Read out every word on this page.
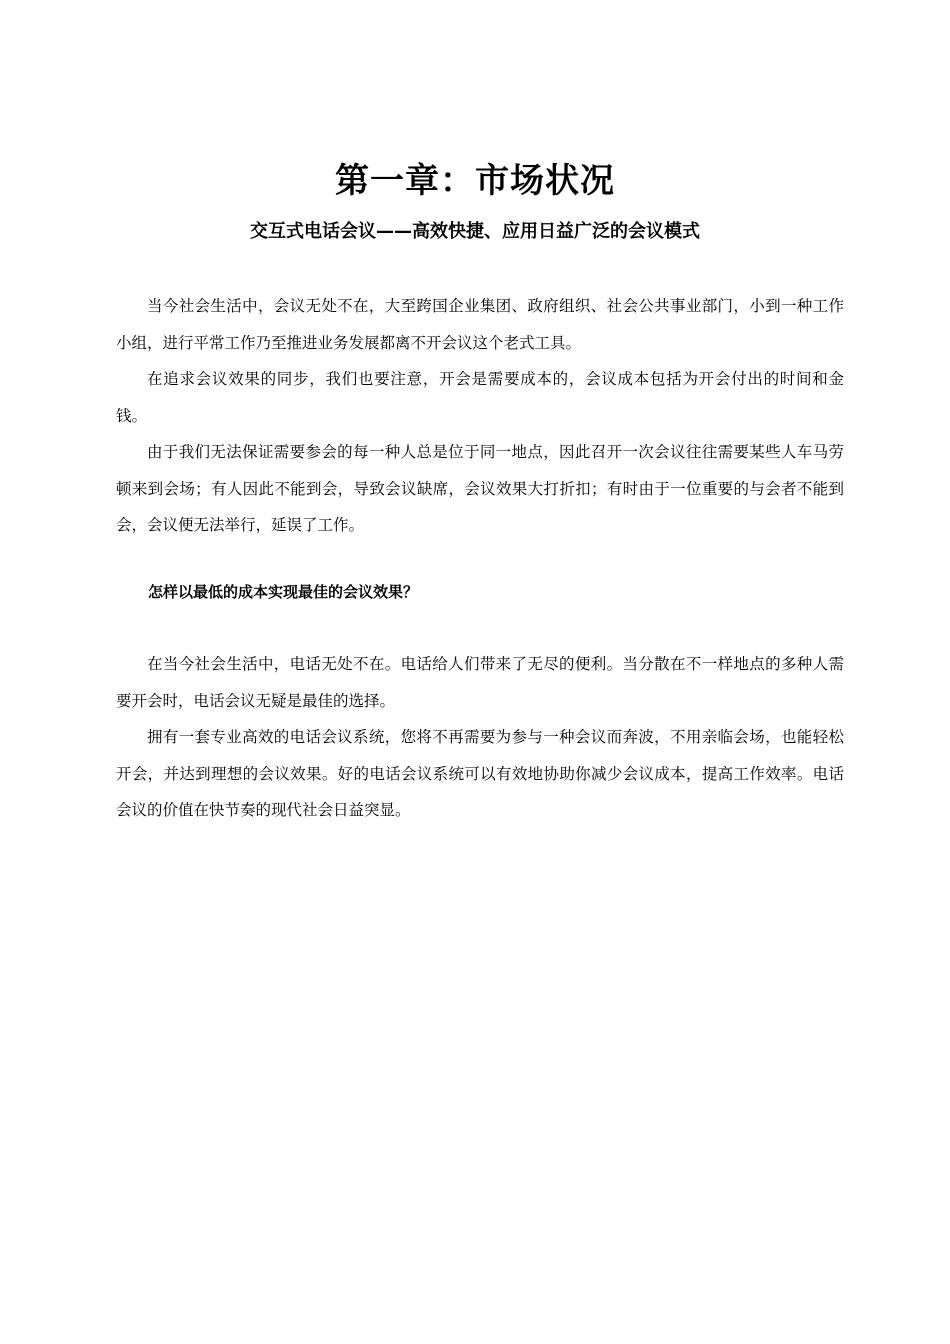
第一章：市场状况
交互式电话会议——高效快捷、应用日益广泛的会议模式

当今社会生活中，会议无处不在，大至跨国企业集团、政府组织、社会公共事业部门，小到一种工作小组，进行平常工作乃至推进业务发展都离不开会议这个老式工具。

在追求会议效果的同步，我们也要注意，开会是需要成本的，会议成本包括为开会付出的时间和金钱。

由于我们无法保证需要参会的每一种人总是位于同一地点，因此召开一次会议往往需要某些人车马劳顿来到会场；有人因此不能到会，导致会议缺席，会议效果大打折扣；有时由于一位重要的与会者不能到会，会议便无法举行，延误了工作。

怎样以最低的成本实现最佳的会议效果？

在当今社会生活中，电话无处不在。电话给人们带来了无尽的便利。当分散在不一样地点的多种人需要开会时，电话会议无疑是最佳的选择。

拥有一套专业高效的电话会议系统，您将不再需要为参与一种会议而奔波，不用亲临会场，也能轻松开会，并达到理想的会议效果。好的电话会议系统可以有效地协助你减少会议成本，提高工作效率。电话会议的价值在快节奏的现代社会日益突显。
